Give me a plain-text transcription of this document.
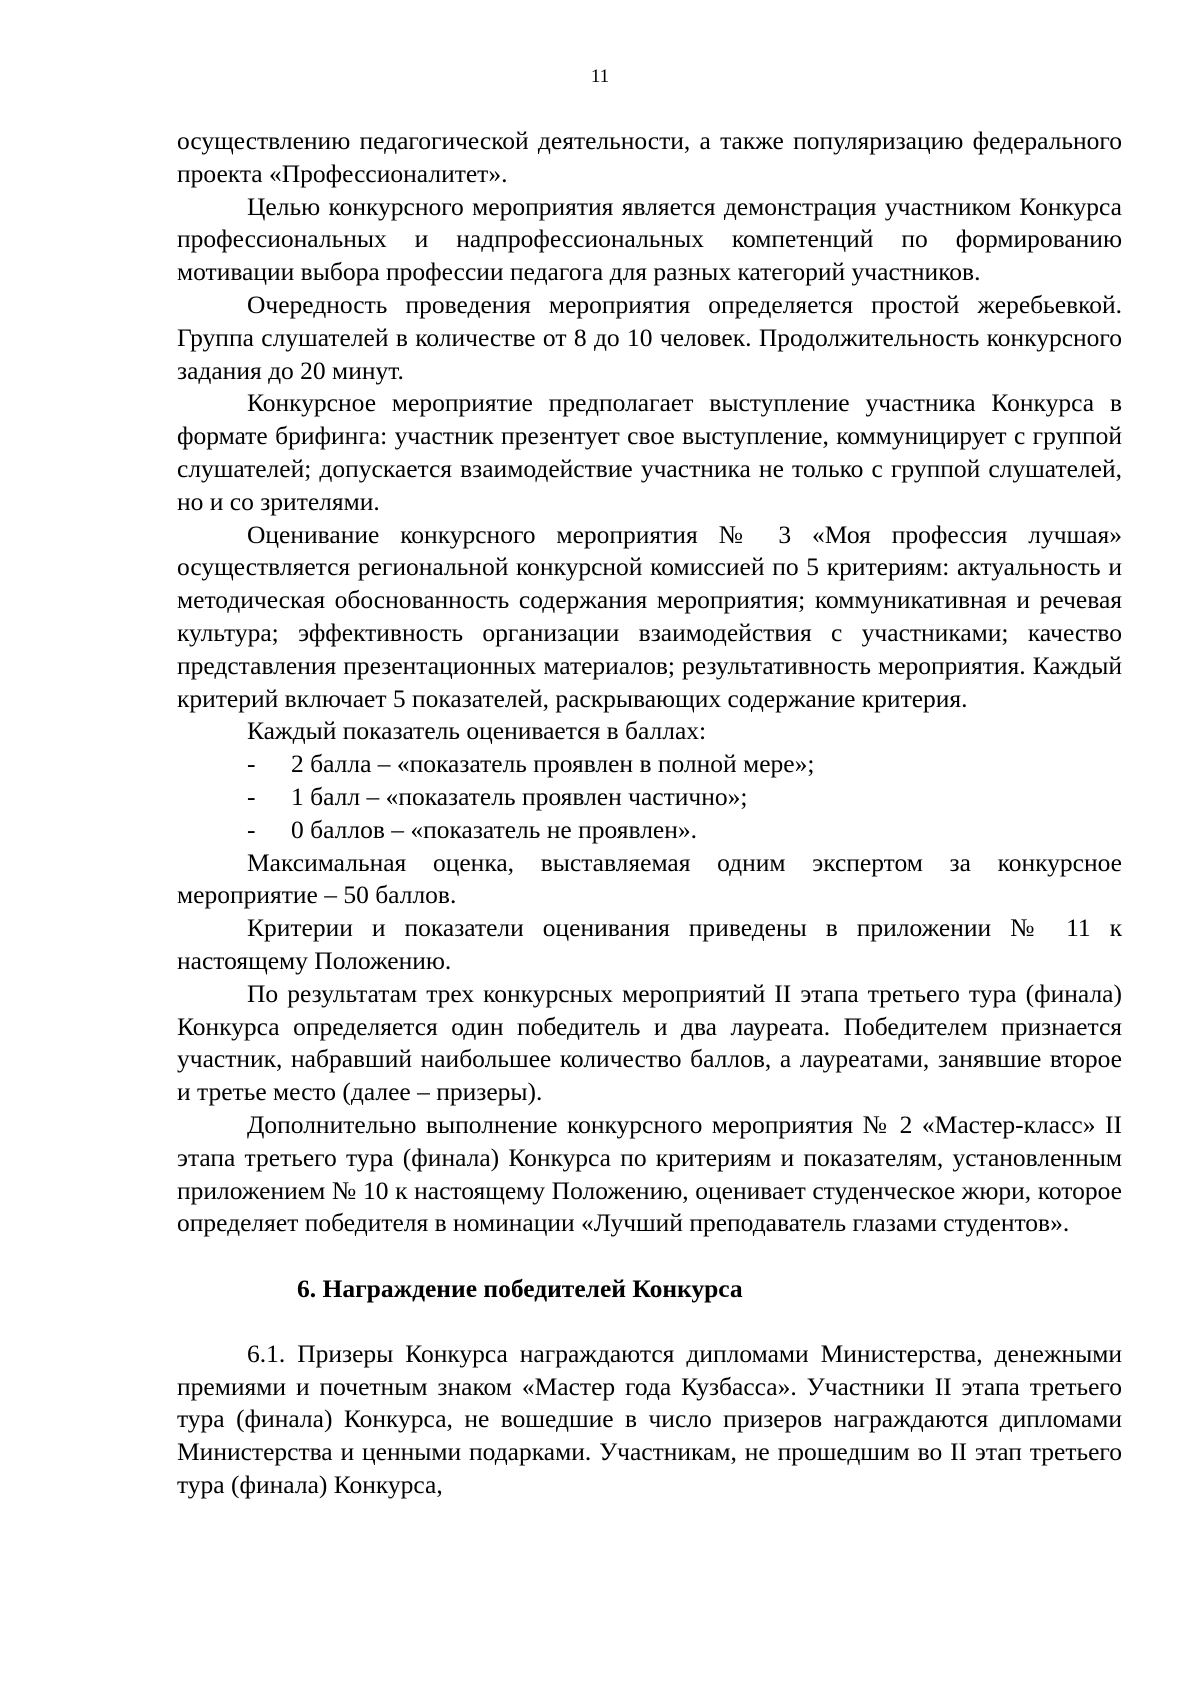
11

осуществлению педагогической деятельности, а также популяризацию федерального проекта «Профессионалитет».

Целью конкурсного мероприятия является демонстрация участником Конкурса профессиональных и надпрофессиональных компетенций по формированию мотивации выбора профессии педагога для разных категорий участников.

Очередность проведения мероприятия определяется простой жеребьевкой. Группа слушателей в количестве от 8 до 10 человек. Продолжительность конкурсного задания до 20 минут.

Конкурсное мероприятие предполагает выступление участника Конкурса в формате брифинга: участник презентует свое выступление, коммуницирует с группой слушателей; допускается взаимодействие участника не только с группой слушателей, но и со зрителями.

Оценивание конкурсного мероприятия № 3 «Моя профессия лучшая» осуществляется региональной конкурсной комиссией по 5 критериям: актуальность и методическая обоснованность содержания мероприятия; коммуникативная и речевая культура; эффективность организации взаимодействия с участниками; качество представления презентационных материалов; результативность мероприятия. Каждый критерий включает 5 показателей, раскрывающих содержание критерия.

Каждый показатель оценивается в баллах:

- 2 балла – «показатель проявлен в полной мере»;

- 1 балл – «показатель проявлен частично»;

- 0 баллов – «показатель не проявлен».

Максимальная оценка, выставляемая одним экспертом за конкурсное мероприятие – 50 баллов.

Критерии и показатели оценивания приведены в приложении № 11 к настоящему Положению.

По результатам трех конкурсных мероприятий II этапа третьего тура (финала) Конкурса определяется один победитель и два лауреата. Победителем признается участник, набравший наибольшее количество баллов, а лауреатами, занявшие второе и третье место (далее – призеры).

Дополнительно выполнение конкурсного мероприятия № 2 «Мастер-класс» II этапа третьего тура (финала) Конкурса по критериям и показателям, установленным приложением № 10 к настоящему Положению, оценивает студенческое жюри, которое определяет победителя в номинации «Лучший преподаватель глазами студентов».

6. Награждение победителей Конкурса

6.1. Призеры Конкурса награждаются дипломами Министерства, денежными премиями и почетным знаком «Мастер года Кузбасса». Участники II этапа третьего тура (финала) Конкурса, не вошедшие в число призеров награждаются дипломами Министерства и ценными подарками. Участникам, не прошедшим во II этап третьего тура (финала) Конкурса,
